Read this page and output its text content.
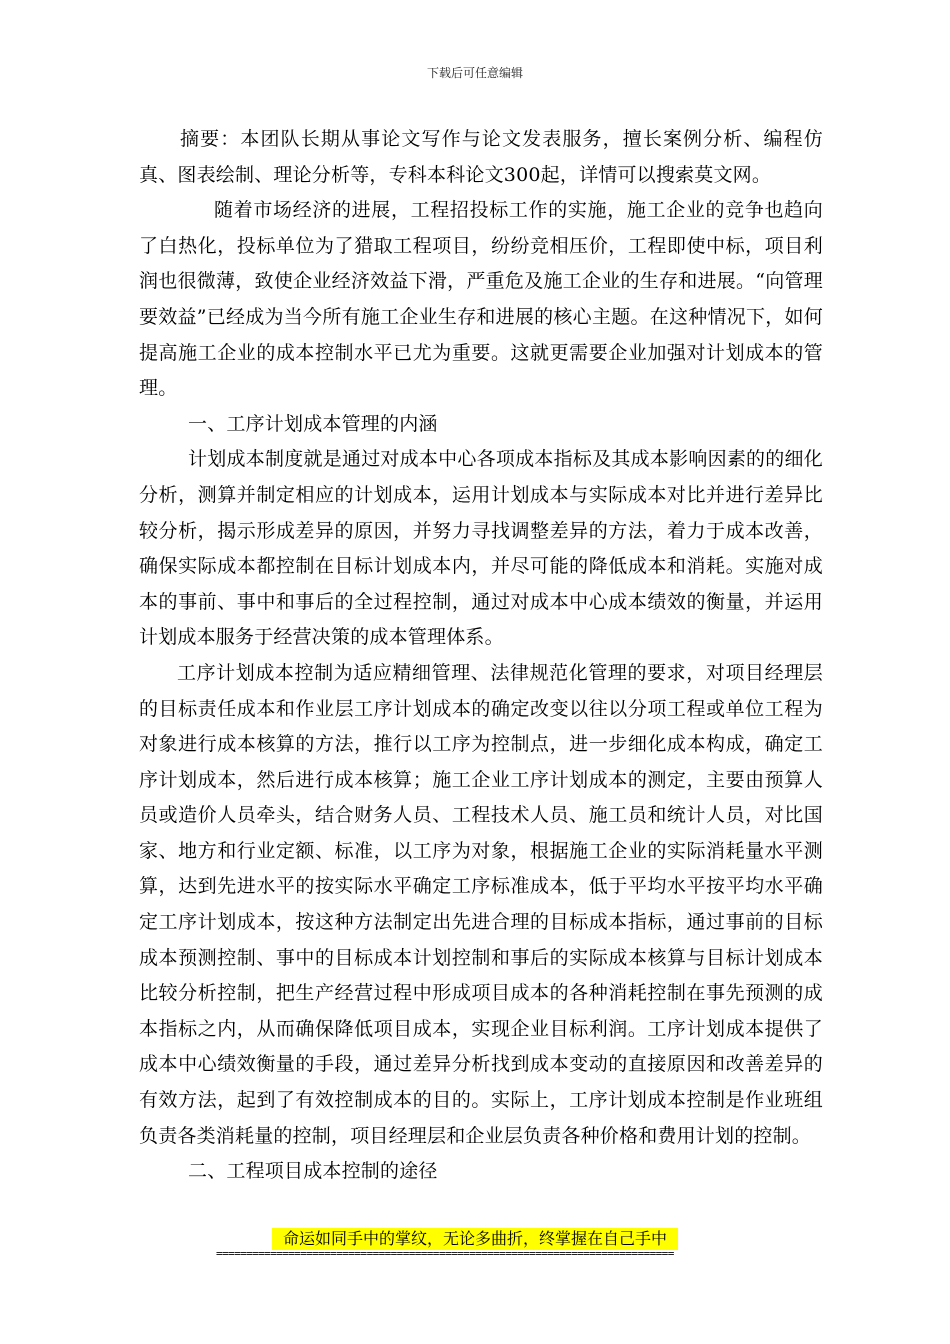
下载后可任意编辑

摘要：本团队长期从事论文写作与论文发表服务，擅长案例分析、编程仿真、图表绘制、理论分析等，专科本科论文300起，详情可以搜索莫文网。

随着市场经济的进展，工程招投标工作的实施，施工企业的竞争也趋向了白热化，投标单位为了猎取工程项目，纷纷竞相压价，工程即使中标，项目利润也很微薄，致使企业经济效益下滑，严重危及施工企业的生存和进展。“向管理要效益”已经成为当今所有施工企业生存和进展的核心主题。在这种情况下，如何提高施工企业的成本控制水平已尤为重要。这就更需要企业加强对计划成本的管理。

一、工序计划成本管理的内涵

计划成本制度就是通过对成本中心各项成本指标及其成本影响因素的的细化分析，测算并制定相应的计划成本，运用计划成本与实际成本对比并进行差异比较分析，揭示形成差异的原因，并努力寻找调整差异的方法，着力于成本改善，确保实际成本都控制在目标计划成本内，并尽可能的降低成本和消耗。实施对成本的事前、事中和事后的全过程控制，通过对成本中心成本绩效的衡量，并运用计划成本服务于经营决策的成本管理体系。

工序计划成本控制为适应精细管理、法律规范化管理的要求，对项目经理层的目标责任成本和作业层工序计划成本的确定改变以往以分项工程或单位工程为对象进行成本核算的方法，推行以工序为控制点，进一步细化成本构成，确定工序计划成本，然后进行成本核算；施工企业工序计划成本的测定，主要由预算人员或造价人员牵头，结合财务人员、工程技术人员、施工员和统计人员，对比国家、地方和行业定额、标准，以工序为对象，根据施工企业的实际消耗量水平测算，达到先进水平的按实际水平确定工序标准成本，低于平均水平按平均水平确定工序计划成本，按这种方法制定出先进合理的目标成本指标，通过事前的目标成本预测控制、事中的目标成本计划控制和事后的实际成本核算与目标计划成本比较分析控制，把生产经营过程中形成项目成本的各种消耗控制在事先预测的成本指标之内，从而确保降低项目成本，实现企业目标利润。工序计划成本提供了成本中心绩效衡量的手段，通过差异分析找到成本变动的直接原因和改善差异的有效方法，起到了有效控制成本的目的。实际上，工序计划成本控制是作业班组负责各类消耗量的控制，项目经理层和企业层负责各种价格和费用计划的控制。

二、工程项目成本控制的途径

命运如同手中的掌纹，无论多曲折，终掌握在自己手中
============================================================================
